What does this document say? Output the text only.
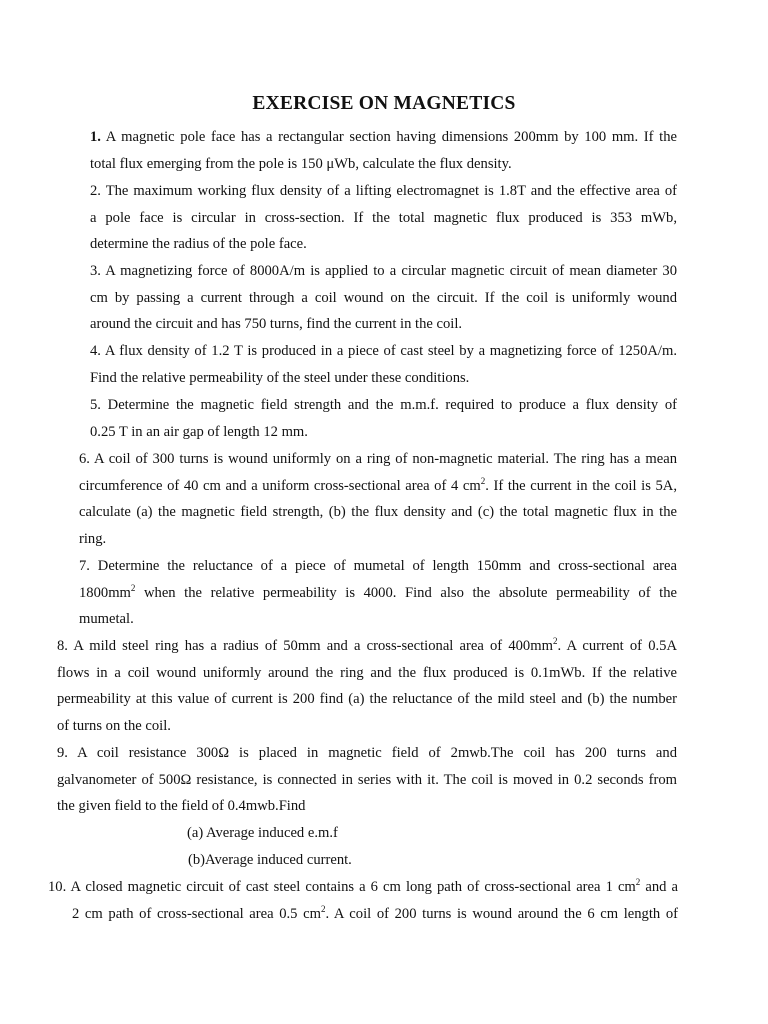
EXERCISE ON MAGNETICS
1. A magnetic pole face has a rectangular section having dimensions 200mm by 100 mm. If the
total flux emerging from the pole is 150 μWb, calculate the flux density.
2. The maximum working flux density of a lifting electromagnet is 1.8T and the effective area of
a pole face is circular in cross-section. If the total magnetic flux produced is 353 mWb,
determine the radius of the pole face.
3. A magnetizing force of 8000A/m is applied to a circular magnetic circuit of mean diameter 30
cm by passing a current through a coil wound on the circuit. If the coil is uniformly wound
around the circuit and has 750 turns, find the current in the coil.
4. A flux density of 1.2 T is produced in a piece of cast steel by a magnetizing force of 1250A/m.
Find the relative permeability of the steel under these conditions.
5. Determine the magnetic field strength and the m.m.f. required to produce a flux density of
0.25 T in an air gap of length 12 mm.
6. A coil of 300 turns is wound uniformly on a ring of non-magnetic material. The ring has a mean
circumference of 40 cm and a uniform cross-sectional area of 4 $cm^2$. If the current in the coil is 5A,
calculate (a) the magnetic field strength, (b) the flux density and (c) the total magnetic flux in the
ring.
7. Determine the reluctance of a piece of mumetal of length 150mm and cross-sectional area
$1800mm^2$ when the relative permeability is 4000. Find also the absolute permeability of the
mumetal.
8. A mild steel ring has a radius of 50mm and a cross-sectional area of $400mm^2$. A current of 0.5A
flows in a coil wound uniformly around the ring and the flux produced is 0.1mWb. If the relative
permeability at this value of current is 200 find (a) the reluctance of the mild steel and (b) the number
of turns on the coil.
9. A coil resistance 300Ω is placed in magnetic field of 2mwb.The coil has 200 turns and
galvanometer of 500Ω resistance, is connected in series with it. The coil is moved in 0.2 seconds from
the given field to the field of 0.4mwb.Find
(a) Average induced e.m.f
(b)Average induced current.
10. A closed magnetic circuit of cast steel contains a 6 cm long path of cross-sectional area 1 $cm^2$ and a
2 cm path of cross-sectional area 0.5 $cm^2$. A coil of 200 turns is wound around the 6 cm length of
